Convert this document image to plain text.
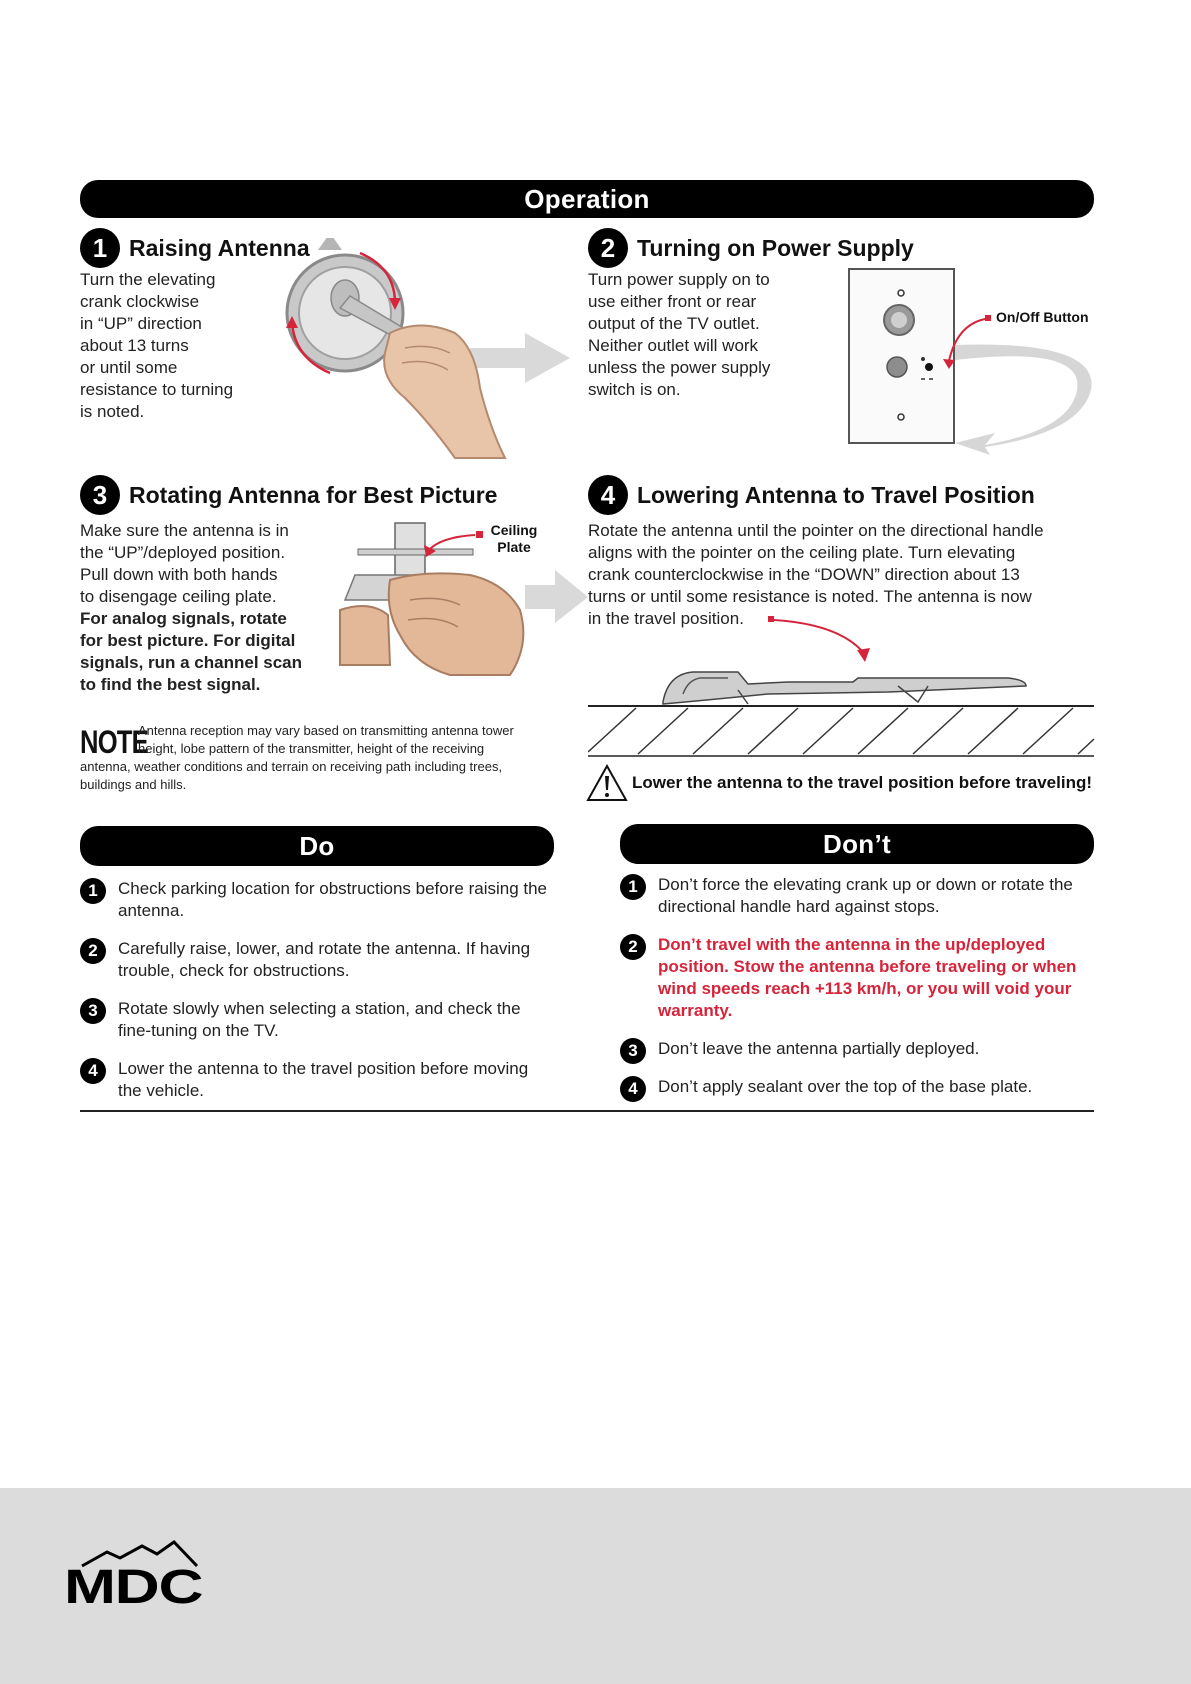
Operation
1 Raising Antenna
Turn the elevating
crank clockwise
in “UP” direction
about 13 turns
or until some
resistance to turning
is noted.
2 Turning on Power Supply
Turn power supply on to
use either front or rear
output of the TV outlet.
Neither outlet will work
unless the power supply
switch is on.
On/Off Button
3 Rotating Antenna for Best Picture
Make sure the antenna is in
the “UP”/deployed position.
Pull down with both hands
to disengage ceiling plate.
For analog signals, rotate
for best picture. For digital
signals, run a channel scan
to find the best signal.
Ceiling
Plate
NOTE
Antenna reception may vary based on transmitting antenna tower
height, lobe pattern of the transmitter, height of the receiving
antenna, weather conditions and terrain on receiving path including trees,
buildings and hills.
4 Lowering Antenna to Travel Position
Rotate the antenna until the pointer on the directional handle
aligns with the pointer on the ceiling plate. Turn elevating
crank counterclockwise in the “DOWN” direction about 13
turns or until some resistance is noted. The antenna is now
in the travel position.
Lower the antenna to the travel position before traveling!
Do
1	Check parking location for obstructions before raising the antenna.
2	Carefully raise, lower, and rotate the antenna. If having trouble, check for obstructions.
3	Rotate slowly when selecting a station, and check the fine-tuning on the TV.
4	Lower the antenna to the travel position before moving the vehicle.
Don’t
1	Don’t force the elevating crank up or down or rotate the directional handle hard against stops.
2	Don’t travel with the antenna in the up/deployed position. Stow the antenna before traveling or when wind speeds reach +113 km/h, or you will void your warranty.
3	Don’t leave the antenna partially deployed.
4	Don’t apply sealant over the top of the base plate.
MDC
